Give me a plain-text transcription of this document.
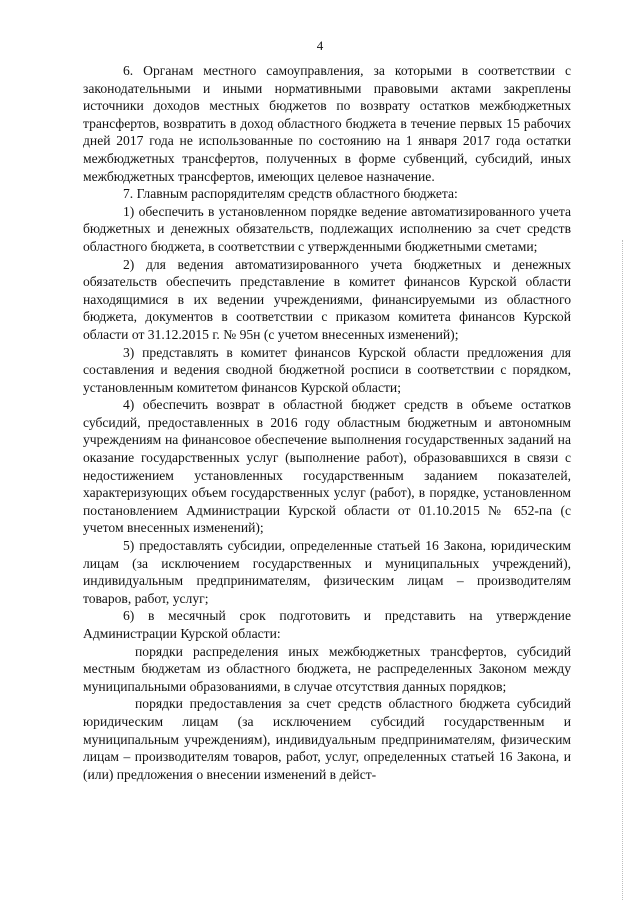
4

6. Органам местного самоуправления, за которыми в соответствии с законодательными и иными нормативными правовыми актами закреплены источники доходов местных бюджетов по возврату остатков межбюджетных трансфертов, возвратить в доход областного бюджета в течение первых 15 рабочих дней 2017 года не использованные по состоянию на 1 января 2017 года остатки межбюджетных трансфертов, полученных в форме субвенций, субсидий, иных межбюджетных трансфертов, имеющих целевое назначение.

7. Главным распорядителям средств областного бюджета:

1) обеспечить в установленном порядке ведение автоматизированного учета бюджетных и денежных обязательств, подлежащих исполнению за счет средств областного бюджета, в соответствии с утвержденными бюджетными сметами;

2) для ведения автоматизированного учета бюджетных и денежных обязательств обеспечить представление в комитет финансов Курской области находящимися в их ведении учреждениями, финансируемыми из областного бюджета, документов в соответствии с приказом комитета финансов Курской области от 31.12.2015 г. № 95н (с учетом внесенных изменений);

3) представлять в комитет финансов Курской области предложения для составления и ведения сводной бюджетной росписи в соответствии с порядком, установленным комитетом финансов Курской области;

4) обеспечить возврат в областной бюджет средств в объеме остатков субсидий, предоставленных в 2016 году областным бюджетным и автономным учреждениям на финансовое обеспечение выполнения государственных заданий на оказание государственных услуг (выполнение работ), образовавшихся в связи с недостижением установленных государственным заданием показателей, характеризующих объем государственных услуг (работ), в порядке, установленном постановлением Администрации Курской области от 01.10.2015 № 652-па (с учетом внесенных изменений);

5) предоставлять субсидии, определенные статьей 16 Закона, юридическим лицам (за исключением государственных и муниципальных учреждений), индивидуальным предпринимателям, физическим лицам – производителям товаров, работ, услуг;

6) в месячный срок подготовить и представить на утверждение Администрации Курской области:

порядки распределения иных межбюджетных трансфертов, субсидий местным бюджетам из областного бюджета, не распределенных Законом между муниципальными образованиями, в случае отсутствия данных порядков;

порядки предоставления за счет средств областного бюджета субсидий юридическим лицам (за исключением субсидий государственным и муниципальным учреждениям), индивидуальным предпринимателям, физическим лицам – производителям товаров, работ, услуг, определенных статьей 16 Закона, и (или) предложения о внесении изменений в дейст-
